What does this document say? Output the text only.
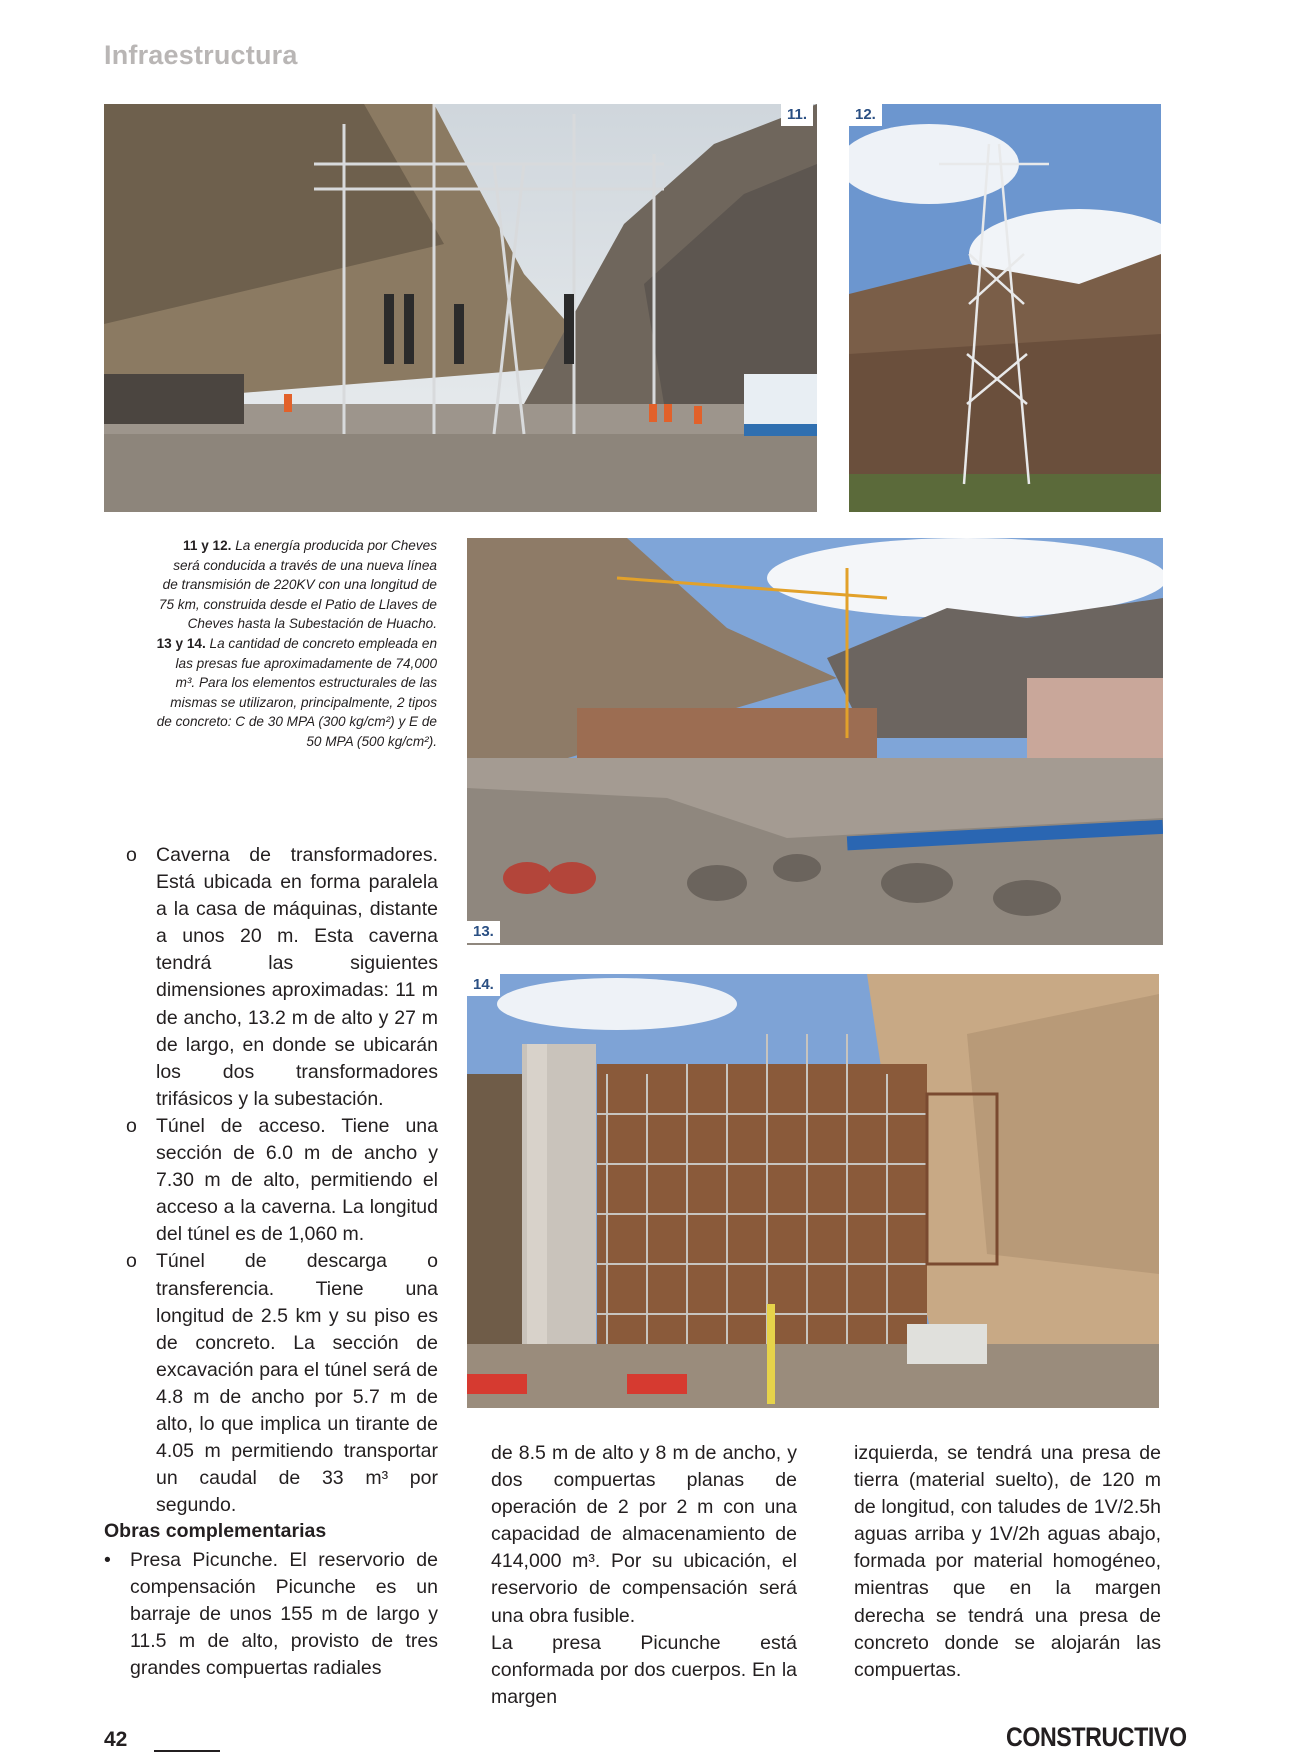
Infraestructura
11.	12.
11 y 12. La energía producida por Cheves será conducida a través de una nueva línea de transmisión de 220KV con una longitud de 75 km, construida desde el Patio de Llaves de Cheves hasta la Subestación de Huacho.
13 y 14. La cantidad de concreto empleada en las presas fue aproximadamente de 74,000 m³. Para los elementos estructurales de las mismas se utilizaron, principalmente, 2 tipos de concreto: C de 30 MPA (300 kg/cm²) y E de 50 MPA (500 kg/cm²).
13.
14.
o Caverna de transformadores. Está ubicada en forma paralela a la casa de máquinas, distante a unos 20 m. Esta caverna tendrá las siguientes dimensiones aproximadas: 11 m de ancho, 13.2 m de alto y 27 m de largo, en donde se ubicarán los dos transformadores trifásicos y la subestación.
o Túnel de acceso. Tiene una sección de 6.0 m de ancho y 7.30 m de alto, permitiendo el acceso a la caverna. La longitud del túnel es de 1,060 m.
o Túnel de descarga o transferencia. Tiene una longitud de 2.5 km y su piso es de concreto. La sección de excavación para el túnel será de 4.8 m de ancho por 5.7 m de alto, lo que implica un tirante de 4.05 m permitiendo transportar un caudal de 33 m³ por segundo.
Obras complementarias
• Presa Picunche. El reservorio de compensación Picunche es un barraje de unos 155 m de largo y 11.5 m de alto, provisto de tres grandes compuertas radiales
de 8.5 m de alto y 8 m de ancho, y dos compuertas planas de operación de 2 por 2 m con una capacidad de almacenamiento de 414,000 m³. Por su ubicación, el reservorio de compensación será una obra fusible.
La presa Picunche está conformada por dos cuerpos. En la margen
izquierda, se tendrá una presa de tierra (material suelto), de 120 m de longitud, con taludes de 1V/2.5h aguas arriba y 1V/2h aguas abajo, formada por material homogéneo, mientras que en la margen derecha se tendrá una presa de concreto donde se alojarán las compuertas.
42	CONSTRUCTIVO
